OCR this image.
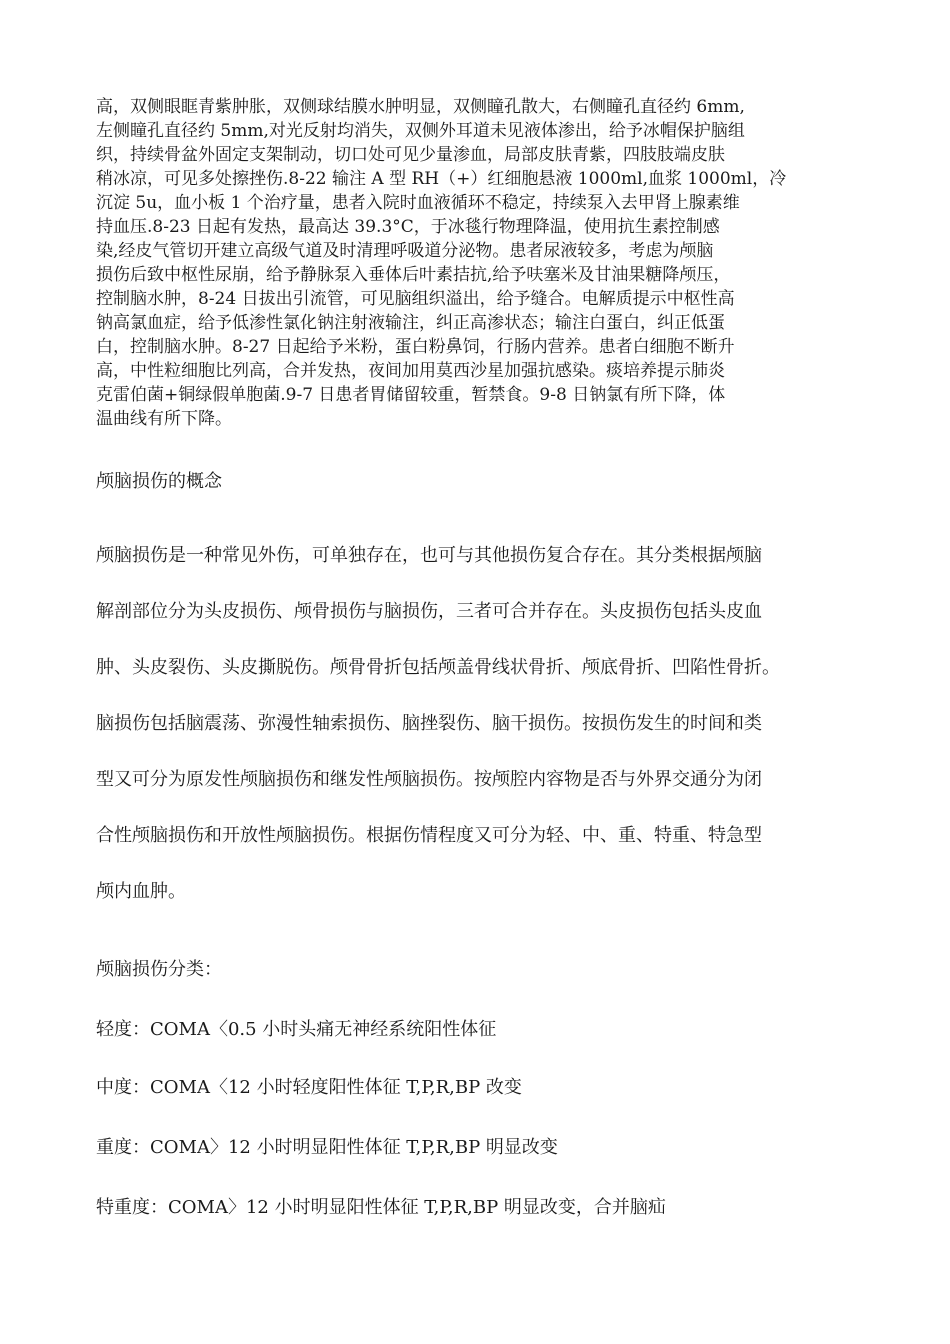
高，双侧眼眶青紫肿胀，双侧球结膜水肿明显，双侧瞳孔散大，右侧瞳孔直径约 6mm,
左侧瞳孔直径约 5mm,对光反射均消失，双侧外耳道未见液体渗出，给予冰帽保护脑组
织，持续骨盆外固定支架制动，切口处可见少量渗血，局部皮肤青紫，四肢肢端皮肤
稍冰凉，可见多处擦挫伤.8-22 输注 A 型 RH（+）红细胞悬液 1000ml,血浆 1000ml，冷
沉淀 5u，血小板 1 个治疗量，患者入院时血液循环不稳定，持续泵入去甲肾上腺素维
持血压.8-23 日起有发热，最高达 39.3°C，于冰毯行物理降温，使用抗生素控制感
染,经皮气管切开建立高级气道及时清理呼吸道分泌物。患者尿液较多，考虑为颅脑
损伤后致中枢性尿崩，给予静脉泵入垂体后叶素拮抗,给予呋塞米及甘油果糖降颅压，
控制脑水肿，8-24 日拔出引流管，可见脑组织溢出，给予缝合。电解质提示中枢性高
钠高氯血症，给予低渗性氯化钠注射液输注，纠正高渗状态；输注白蛋白，纠正低蛋
白，控制脑水肿。8-27 日起给予米粉，蛋白粉鼻饲，行肠内营养。患者白细胞不断升
高，中性粒细胞比列高，合并发热，夜间加用莫西沙星加强抗感染。痰培养提示肺炎
克雷伯菌+铜绿假单胞菌.9-7 日患者胃储留较重，暂禁食。9-8 日钠氯有所下降，体
温曲线有所下降。
颅脑损伤的概念
颅脑损伤是一种常见外伤，可单独存在，也可与其他损伤复合存在。其分类根据颅脑
解剖部位分为头皮损伤、颅骨损伤与脑损伤，三者可合并存在。头皮损伤包括头皮血
肿、头皮裂伤、头皮撕脱伤。颅骨骨折包括颅盖骨线状骨折、颅底骨折、凹陷性骨折。
脑损伤包括脑震荡、弥漫性轴索损伤、脑挫裂伤、脑干损伤。按损伤发生的时间和类
型又可分为原发性颅脑损伤和继发性颅脑损伤。按颅腔内容物是否与外界交通分为闭
合性颅脑损伤和开放性颅脑损伤。根据伤情程度又可分为轻、中、重、特重、特急型
颅内血肿。
颅脑损伤分类：
轻度：COMA〈0.5 小时头痛无神经系统阳性体征
中度：COMA〈12 小时轻度阳性体征 T,P,R,BP 改变
重度：COMA〉12 小时明显阳性体征 T,P,R,BP 明显改变
特重度：COMA〉12 小时明显阳性体征 T,P,R,BP 明显改变，合并脑疝
